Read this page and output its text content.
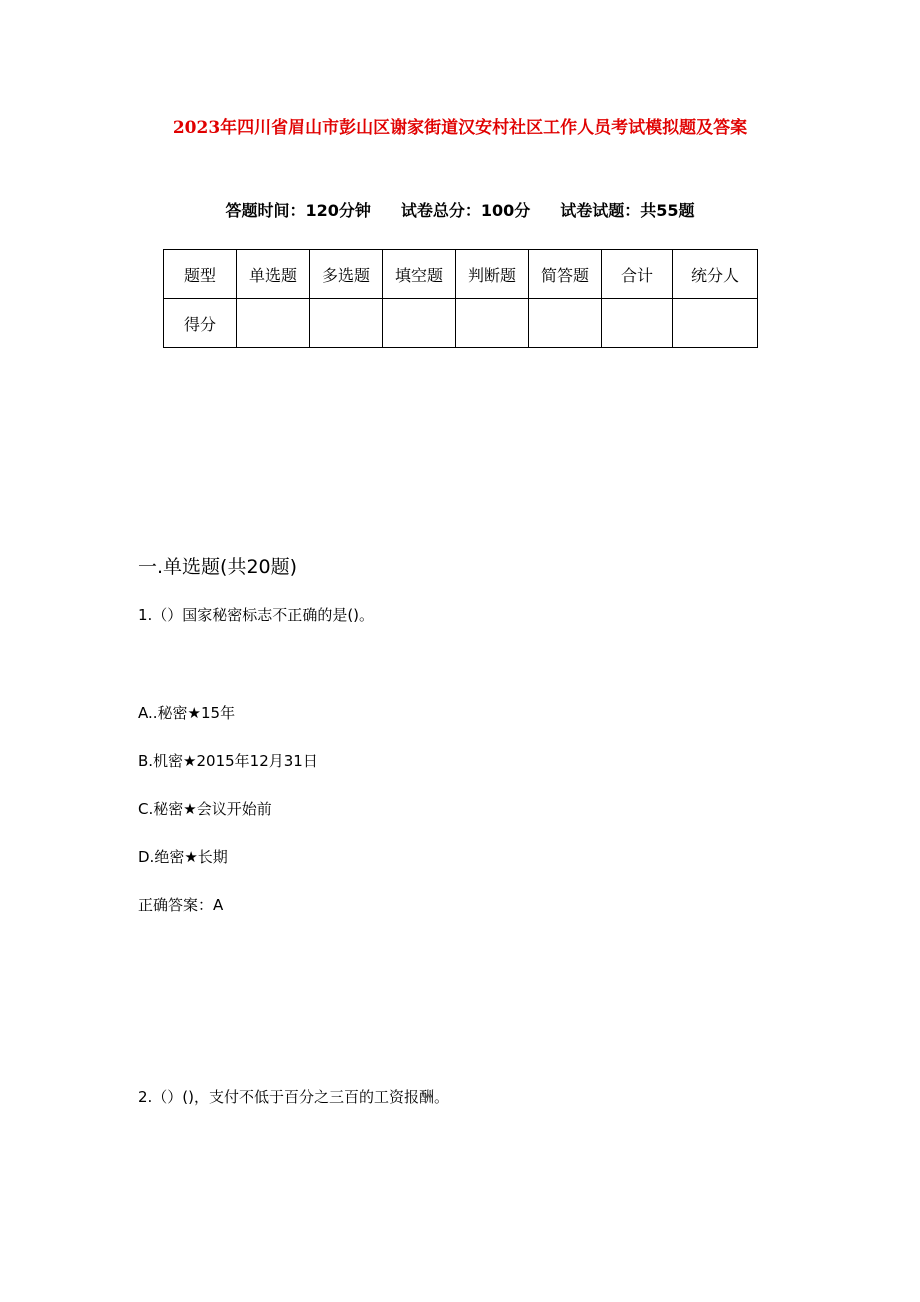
2023年四川省眉山市彭山区谢家街道汉安村社区工作人员考试模拟题及答案
答题时间：120分钟 试卷总分：100分 试卷试题：共55题
题型	单选题	多选题	填空题	判断题	简答题	合计	统分人
得分							
一.单选题(共20题)
1.（）国家秘密标志不正确的是()。
A..秘密★15年
B.机密★2015年12月31日
C.秘密★会议开始前
D.绝密★长期
正确答案：A
2.（）()，支付不低于百分之三百的工资报酬。
